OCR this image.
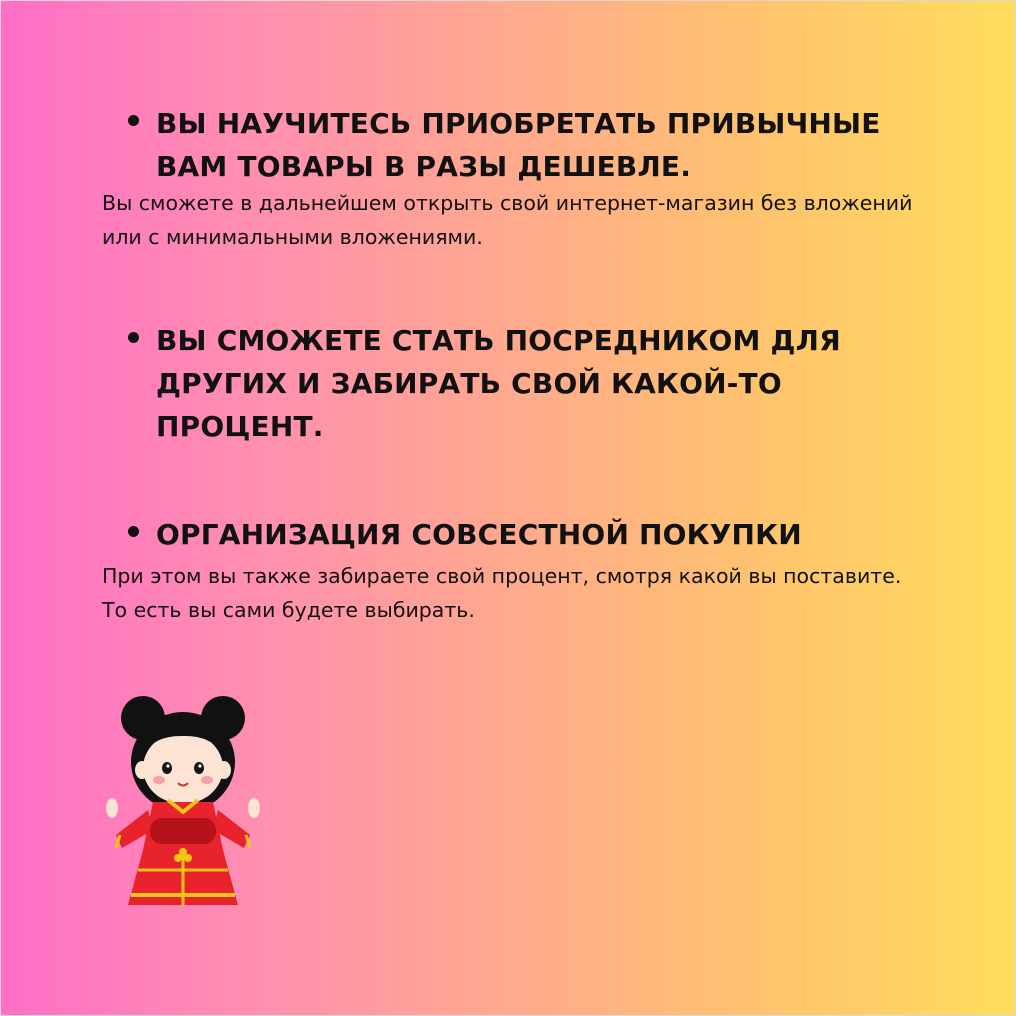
ВЫ НАУЧИТЕСЬ ПРИОБРЕТАТЬ ПРИВЫЧНЫЕ
ВАМ ТОВАРЫ В РАЗЫ ДЕШЕВЛЕ.

Вы сможете в дальнейшем открыть свой интернет-магазин без вложений или с минимальными вложениями.

ВЫ СМОЖЕТЕ СТАТЬ ПОСРЕДНИКОМ ДЛЯ
ДРУГИХ И ЗАБИРАТЬ СВОЙ КАКОЙ-ТО
ПРОЦЕНТ.

ОРГАНИЗАЦИЯ СОВСЕСТНОЙ ПОКУПКИ

При этом вы также забираете свой процент, смотря какой вы поставите. То есть вы сами будете выбирать.
